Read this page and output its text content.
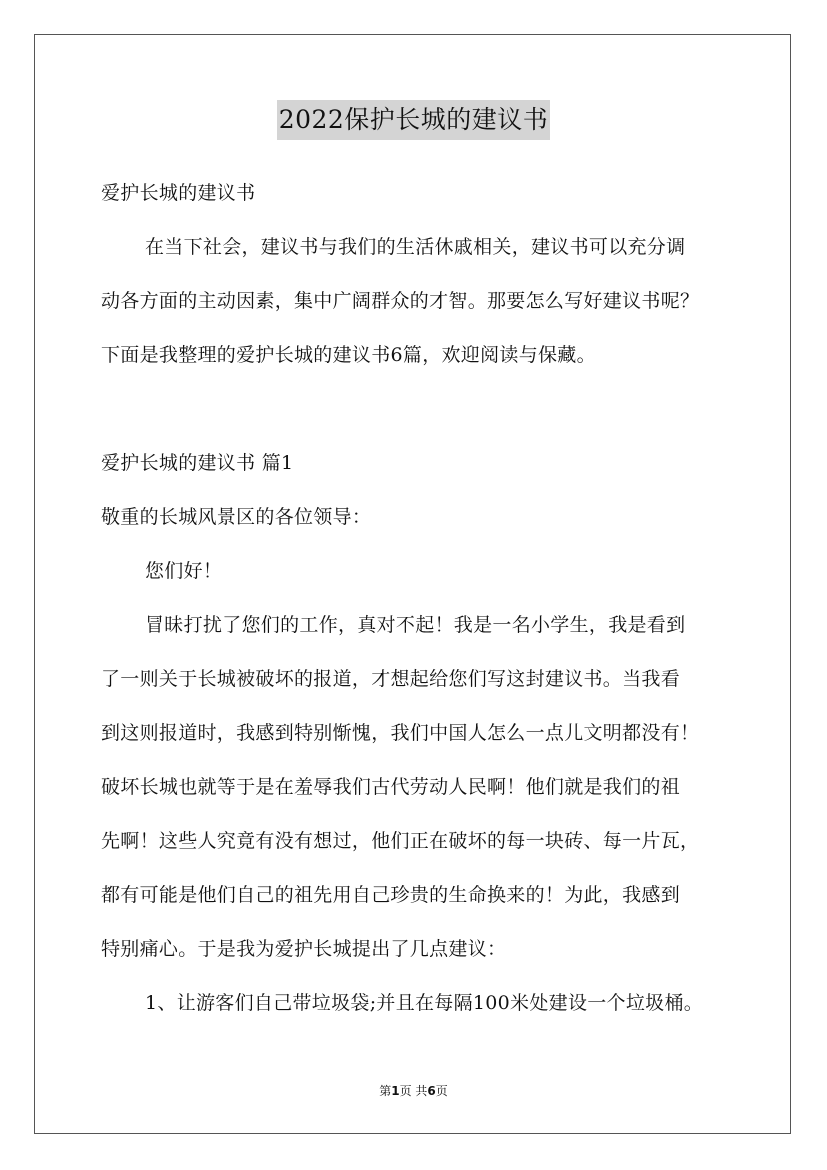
2022保护长城的建议书
爱护长城的建议书
在当下社会，建议书与我们的生活休戚相关，建议书可以充分调
动各方面的主动因素，集中广阔群众的才智。那要怎么写好建议书呢？
下面是我整理的爱护长城的建议书6篇，欢迎阅读与保藏。
爱护长城的建议书 篇1
敬重的长城风景区的各位领导：
您们好！
冒昧打扰了您们的工作，真对不起！我是一名小学生，我是看到
了一则关于长城被破坏的报道，才想起给您们写这封建议书。当我看
到这则报道时，我感到特别惭愧，我们中国人怎么一点儿文明都没有！
破坏长城也就等于是在羞辱我们古代劳动人民啊！他们就是我们的祖
先啊！这些人究竟有没有想过，他们正在破坏的每一块砖、每一片瓦，
都有可能是他们自己的祖先用自己珍贵的生命换来的！为此，我感到
特别痛心。于是我为爱护长城提出了几点建议：
1、让游客们自己带垃圾袋;并且在每隔100米处建设一个垃圾桶。
第1页 共6页
